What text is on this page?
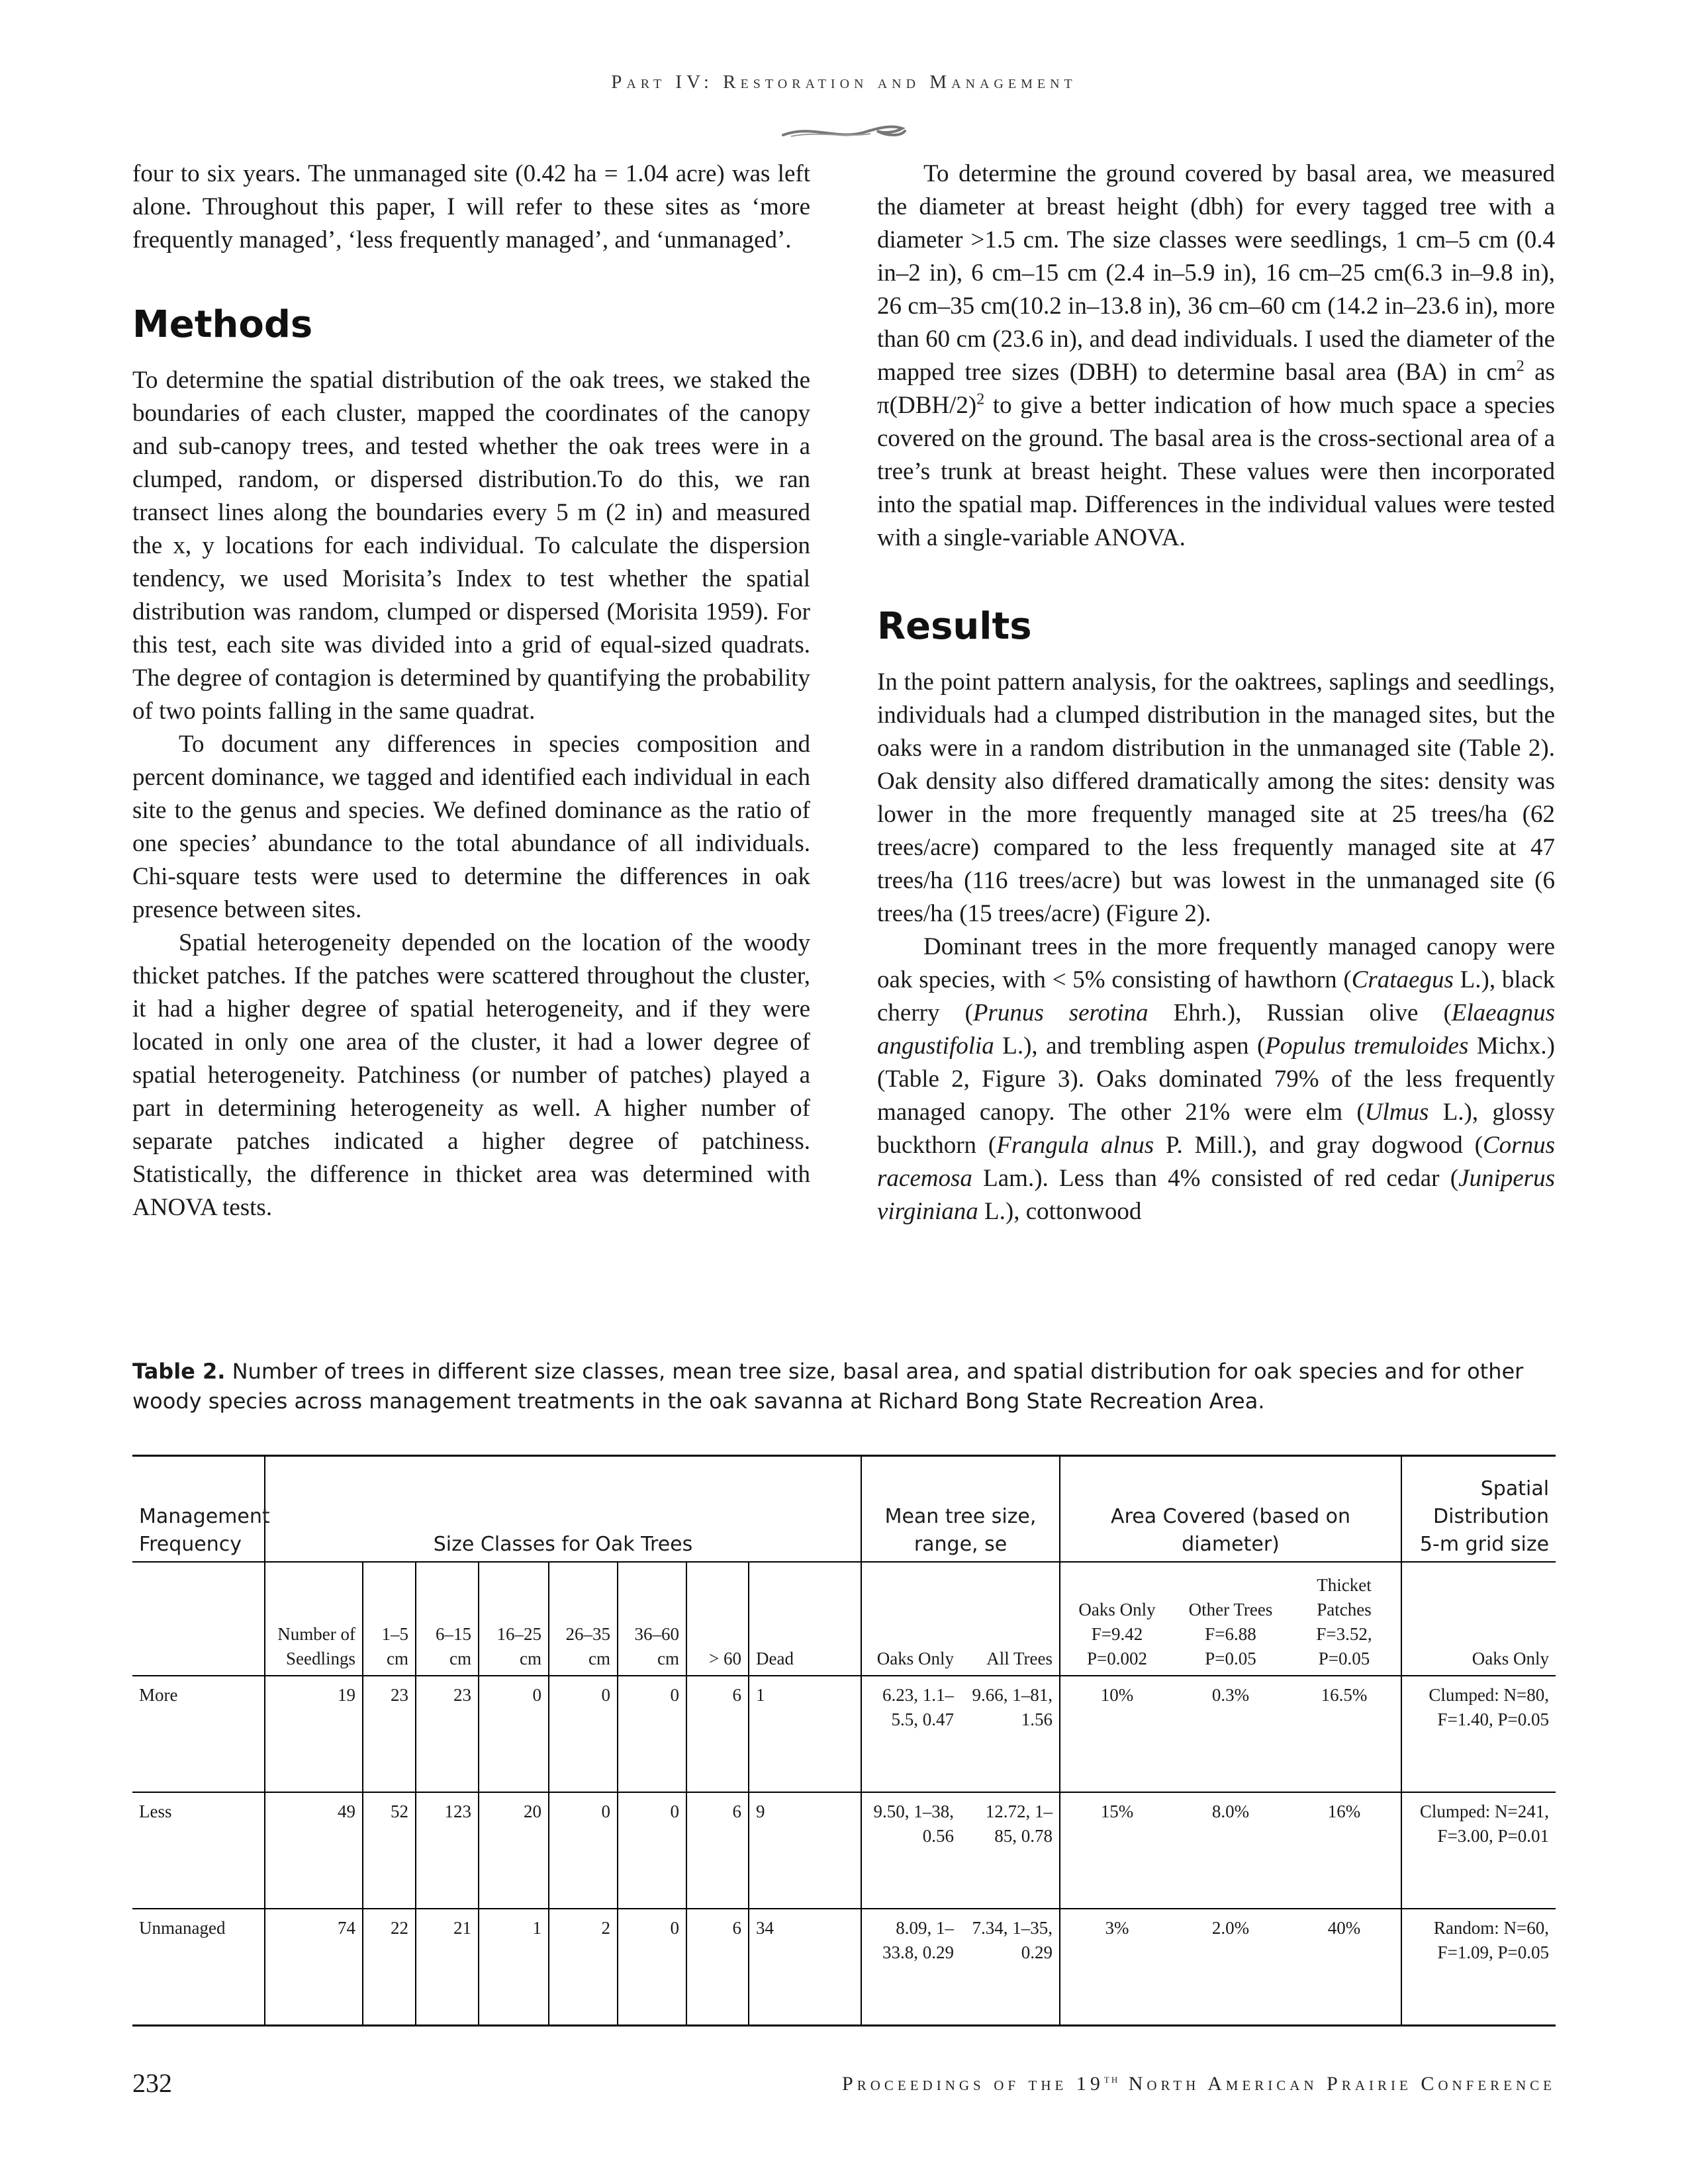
Part IV: Restoration and Management

four to six years. The unmanaged site (0.42 ha = 1.04 acre) was left alone. Throughout this paper, I will refer to these sites as ‘more frequently managed’, ‘less frequently managed’, and ‘unmanaged’.

Methods

To determine the spatial distribution of the oak trees, we staked the boundaries of each cluster, mapped the coordinates of the canopy and sub-canopy trees, and tested whether the oak trees were in a clumped, random, or dispersed distribution.To do this, we ran transect lines along the boundaries every 5 m (2 in) and measured the x, y locations for each individual. To calculate the dispersion tendency, we used Morisita’s Index to test whether the spatial distribution was random, clumped or dispersed (Morisita 1959). For this test, each site was divided into a grid of equal-sized quadrats. The degree of contagion is determined by quantifying the probability of two points falling in the same quadrat.

To document any differences in species composition and percent dominance, we tagged and identified each individual in each site to the genus and species. We defined dominance as the ratio of one species’ abundance to the total abundance of all individuals. Chi-square tests were used to determine the differences in oak presence between sites.

Spatial heterogeneity depended on the location of the woody thicket patches. If the patches were scattered throughout the cluster, it had a higher degree of spatial heterogeneity, and if they were located in only one area of the cluster, it had a lower degree of spatial heterogeneity. Patchiness (or number of patches) played a part in determining heterogeneity as well. A higher number of separate patches indicated a higher degree of patchiness. Statistically, the difference in thicket area was determined with ANOVA tests.

To determine the ground covered by basal area, we measured the diameter at breast height (dbh) for every tagged tree with a diameter >1.5 cm. The size classes were seedlings, 1 cm–5 cm (0.4 in–2 in), 6 cm–15 cm (2.4 in–5.9 in), 16 cm–25 cm(6.3 in–9.8 in), 26 cm–35 cm(10.2 in–13.8 in), 36 cm–60 cm (14.2 in–23.6 in), more than 60 cm (23.6 in), and dead individuals. I used the diameter of the mapped tree sizes (DBH) to determine basal area (BA) in $cm^2$ as $\pi(DBH/2)^2$ to give a better indication of how much space a species covered on the ground. The basal area is the cross-sectional area of a tree’s trunk at breast height. These values were then incorporated into the spatial map. Differences in the individual values were tested with a single-variable ANOVA.

Results

In the point pattern analysis, for the oaktrees, saplings and seedlings, individuals had a clumped distribution in the managed sites, but the oaks were in a random distribution in the unmanaged site (Table 2). Oak density also differed dramatically among the sites: density was lower in the more frequently managed site at 25 trees/ha (62 trees/acre) compared to the less frequently managed site at 47 trees/ha (116 trees/acre) but was lowest in the unmanaged site (6 trees/ha (15 trees/acre) (Figure 2).

Dominant trees in the more frequently managed canopy were oak species, with < 5% consisting of hawthorn (Crataegus L.), black cherry (Prunus serotina Ehrh.), Russian olive (Elaeagnus angustifolia L.), and trembling aspen (Populus tremuloides Michx.) (Table 2, Figure 3). Oaks dominated 79% of the less frequently managed canopy. The other 21% were elm (Ulmus L.), glossy buckthorn (Frangula alnus P. Mill.), and gray dogwood (Cornus racemosa Lam.). Less than 4% consisted of red cedar (Juniperus virginiana L.), cottonwood

Table 2. Number of trees in different size classes, mean tree size, basal area, and spatial distribution for oak species and for other woody species across management treatments in the oak savanna at Richard Bong State Recreation Area.
Management Frequency	Size Classes for Oak Trees								Mean tree size, range, se		Area Covered (based on diameter)			Spatial Distribution 5-m grid size
	Number of Seedlings	1–5 cm	6–15 cm	16–25 cm	26–35 cm	36–60 cm	> 60	Dead	Oaks Only	All Trees	Oaks Only F=9.42 P=0.002	Other Trees F=6.88 P=0.05	Thicket Patches F=3.52, P=0.05	Oaks Only
More	19	23	23	0	0	0	6	1	6.23, 1.1–5.5, 0.47	9.66, 1–81, 1.56	10%	0.3%	16.5%	Clumped: N=80, F=1.40, P=0.05
Less	49	52	123	20	0	0	6	9	9.50, 1–38, 0.56	12.72, 1–85, 0.78	15%	8.0%	16%	Clumped: N=241, F=3.00, P=0.01
Unmanaged	74	22	21	1	2	0	6	34	8.09, 1–33.8, 0.29	7.34, 1–35, 0.29	3%	2.0%	40%	Random: N=60, F=1.09, P=0.05
232	Proceedings of the 19th North American Prairie Conference
